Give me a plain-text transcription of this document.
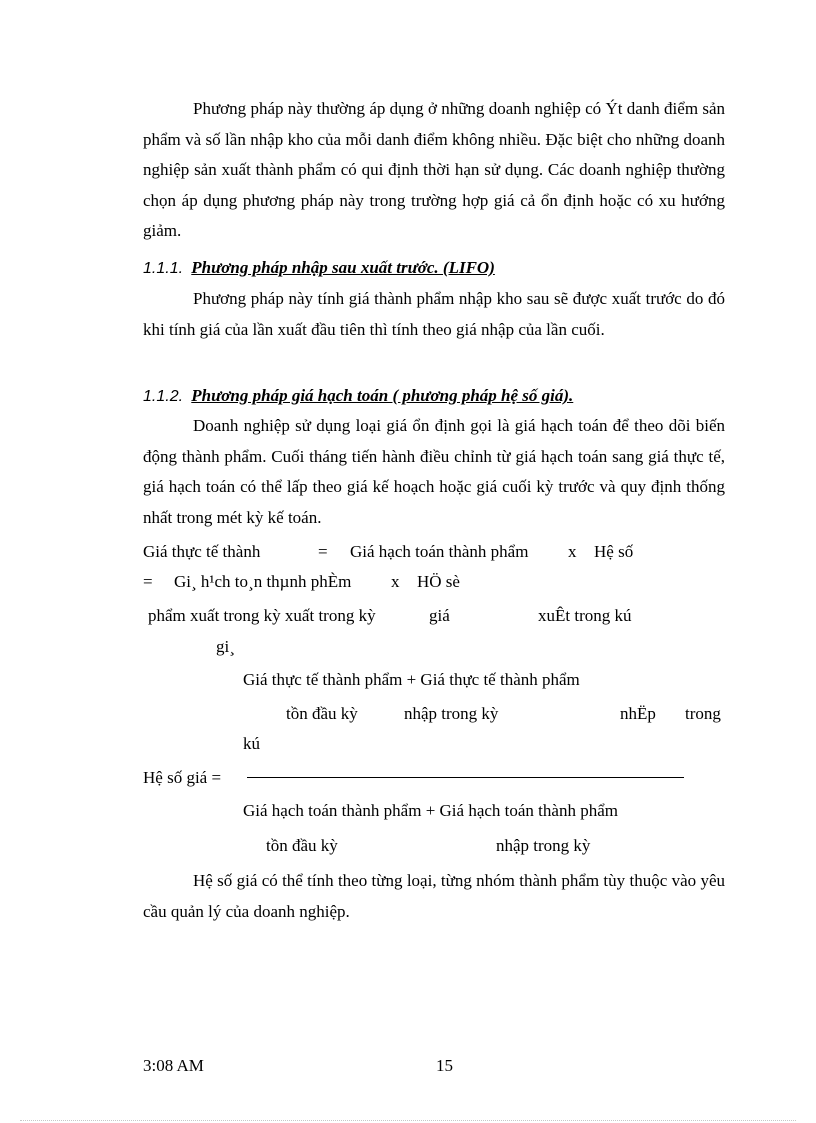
Phương pháp này thường áp dụng ở những doanh nghiệp có Ýt danh điểm sản phẩm và số lần nhập kho của mỗi danh điểm không nhiều. Đặc biệt cho những doanh nghiệp sản xuất thành phẩm có qui định thời hạn sử dụng. Các doanh nghiệp thường chọn áp dụng phương pháp này trong trường hợp giá cả ổn định hoặc có xu hướng giảm.
1.1.1. Phương pháp nhập sau xuất trước. (LIFO)
Phương pháp này tính giá thành phẩm nhập kho sau sẽ được xuất trước do đó khi tính giá của lần xuất đầu tiên thì tính theo giá nhập của lần cuối.
1.1.2. Phương pháp giá hạch toán ( phương pháp hệ số giá).
Doanh nghiệp sử dụng loại giá ổn định gọi là giá hạch toán để theo dõi biến động thành phẩm. Cuối tháng tiến hành điều chỉnh từ giá hạch toán sang giá thực tế, giá hạch toán có thể lấp theo giá kế hoạch hoặc giá cuối kỳ trước và quy định thống nhất trong mét kỳ kế toán.
Giá thực tế thành	= Giá hạch toán thành phẩm x Hệ số
= Gi¸ h¹ch to¸n thµnh phÈm x HÖ sè
phẩm xuất trong kỳ xuất trong kỳ	giá	xuÊt trong kú
gi¸
Giá thực tế thành phẩm + Giá thực tế thành phẩm
tồn đầu kỳ	nhập trong kỳ	nhËp trong
kú
Hệ số giá =
Giá hạch toán thành phẩm + Giá hạch toán thành phẩm
tồn đầu kỳ	nhập trong kỳ
Hệ số giá có thể tính theo từng loại, từng nhóm thành phẩm tùy thuộc vào yêu cầu quản lý của doanh nghiệp.
3:08 AM	15
